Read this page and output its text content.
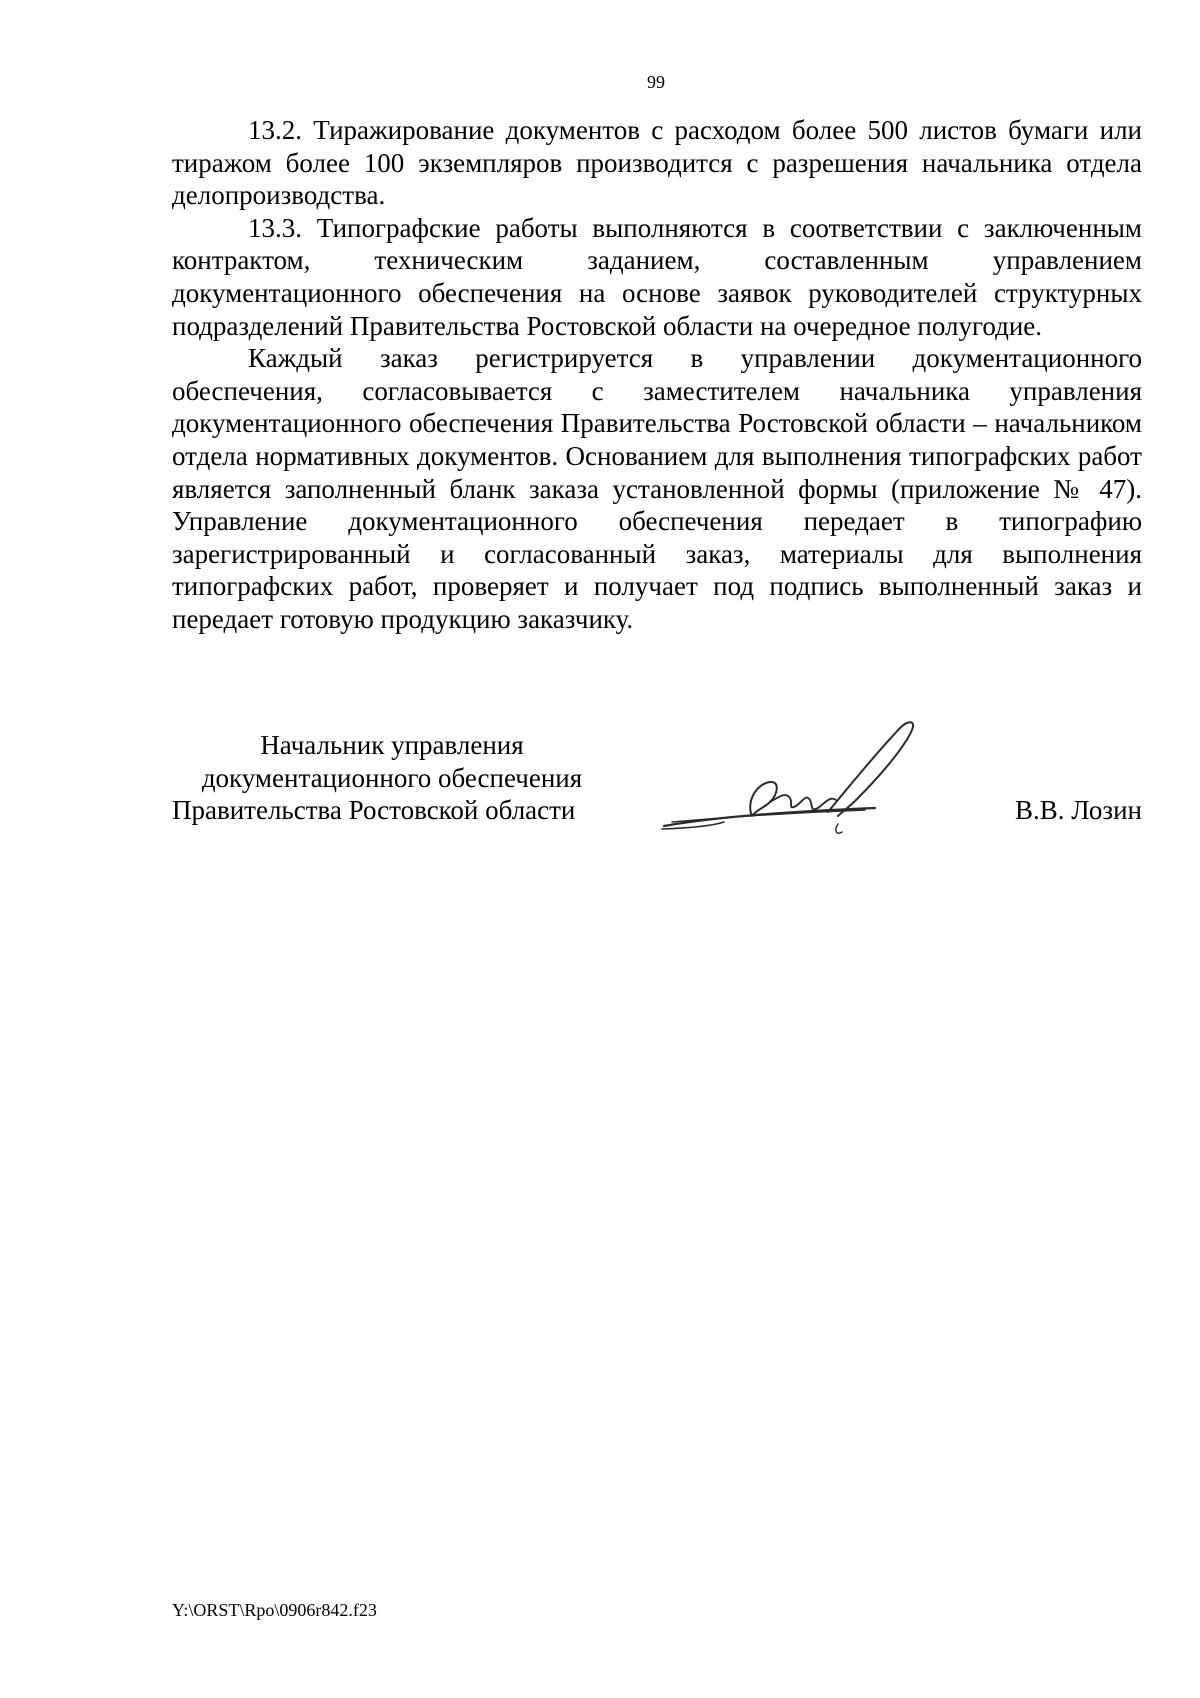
99

13.2. Тиражирование документов с расходом более 500 листов бумаги или тиражом более 100 экземпляров производится с разрешения начальника отдела делопроизводства.

13.3. Типографские работы выполняются в соответствии с заключенным контрактом, техническим заданием, составленным управлением документационного обеспечения на основе заявок руководителей структурных подразделений Правительства Ростовской области на очередное полугодие.

Каждый заказ регистрируется в управлении документационного обеспечения, согласовывается с заместителем начальника управления документационного обеспечения Правительства Ростовской области – начальником отдела нормативных документов. Основанием для выполнения типографских работ является заполненный бланк заказа установленной формы (приложение № 47). Управление документационного обеспечения передает в типографию зарегистрированный и согласованный заказ, материалы для выполнения типографских работ, проверяет и получает под подпись выполненный заказ и передает готовую продукцию заказчику.

Начальник управления
документационного обеспечения
Правительства Ростовской области	В.В. Лозин
Y:\ORST\Rpo\0906r842.f23
